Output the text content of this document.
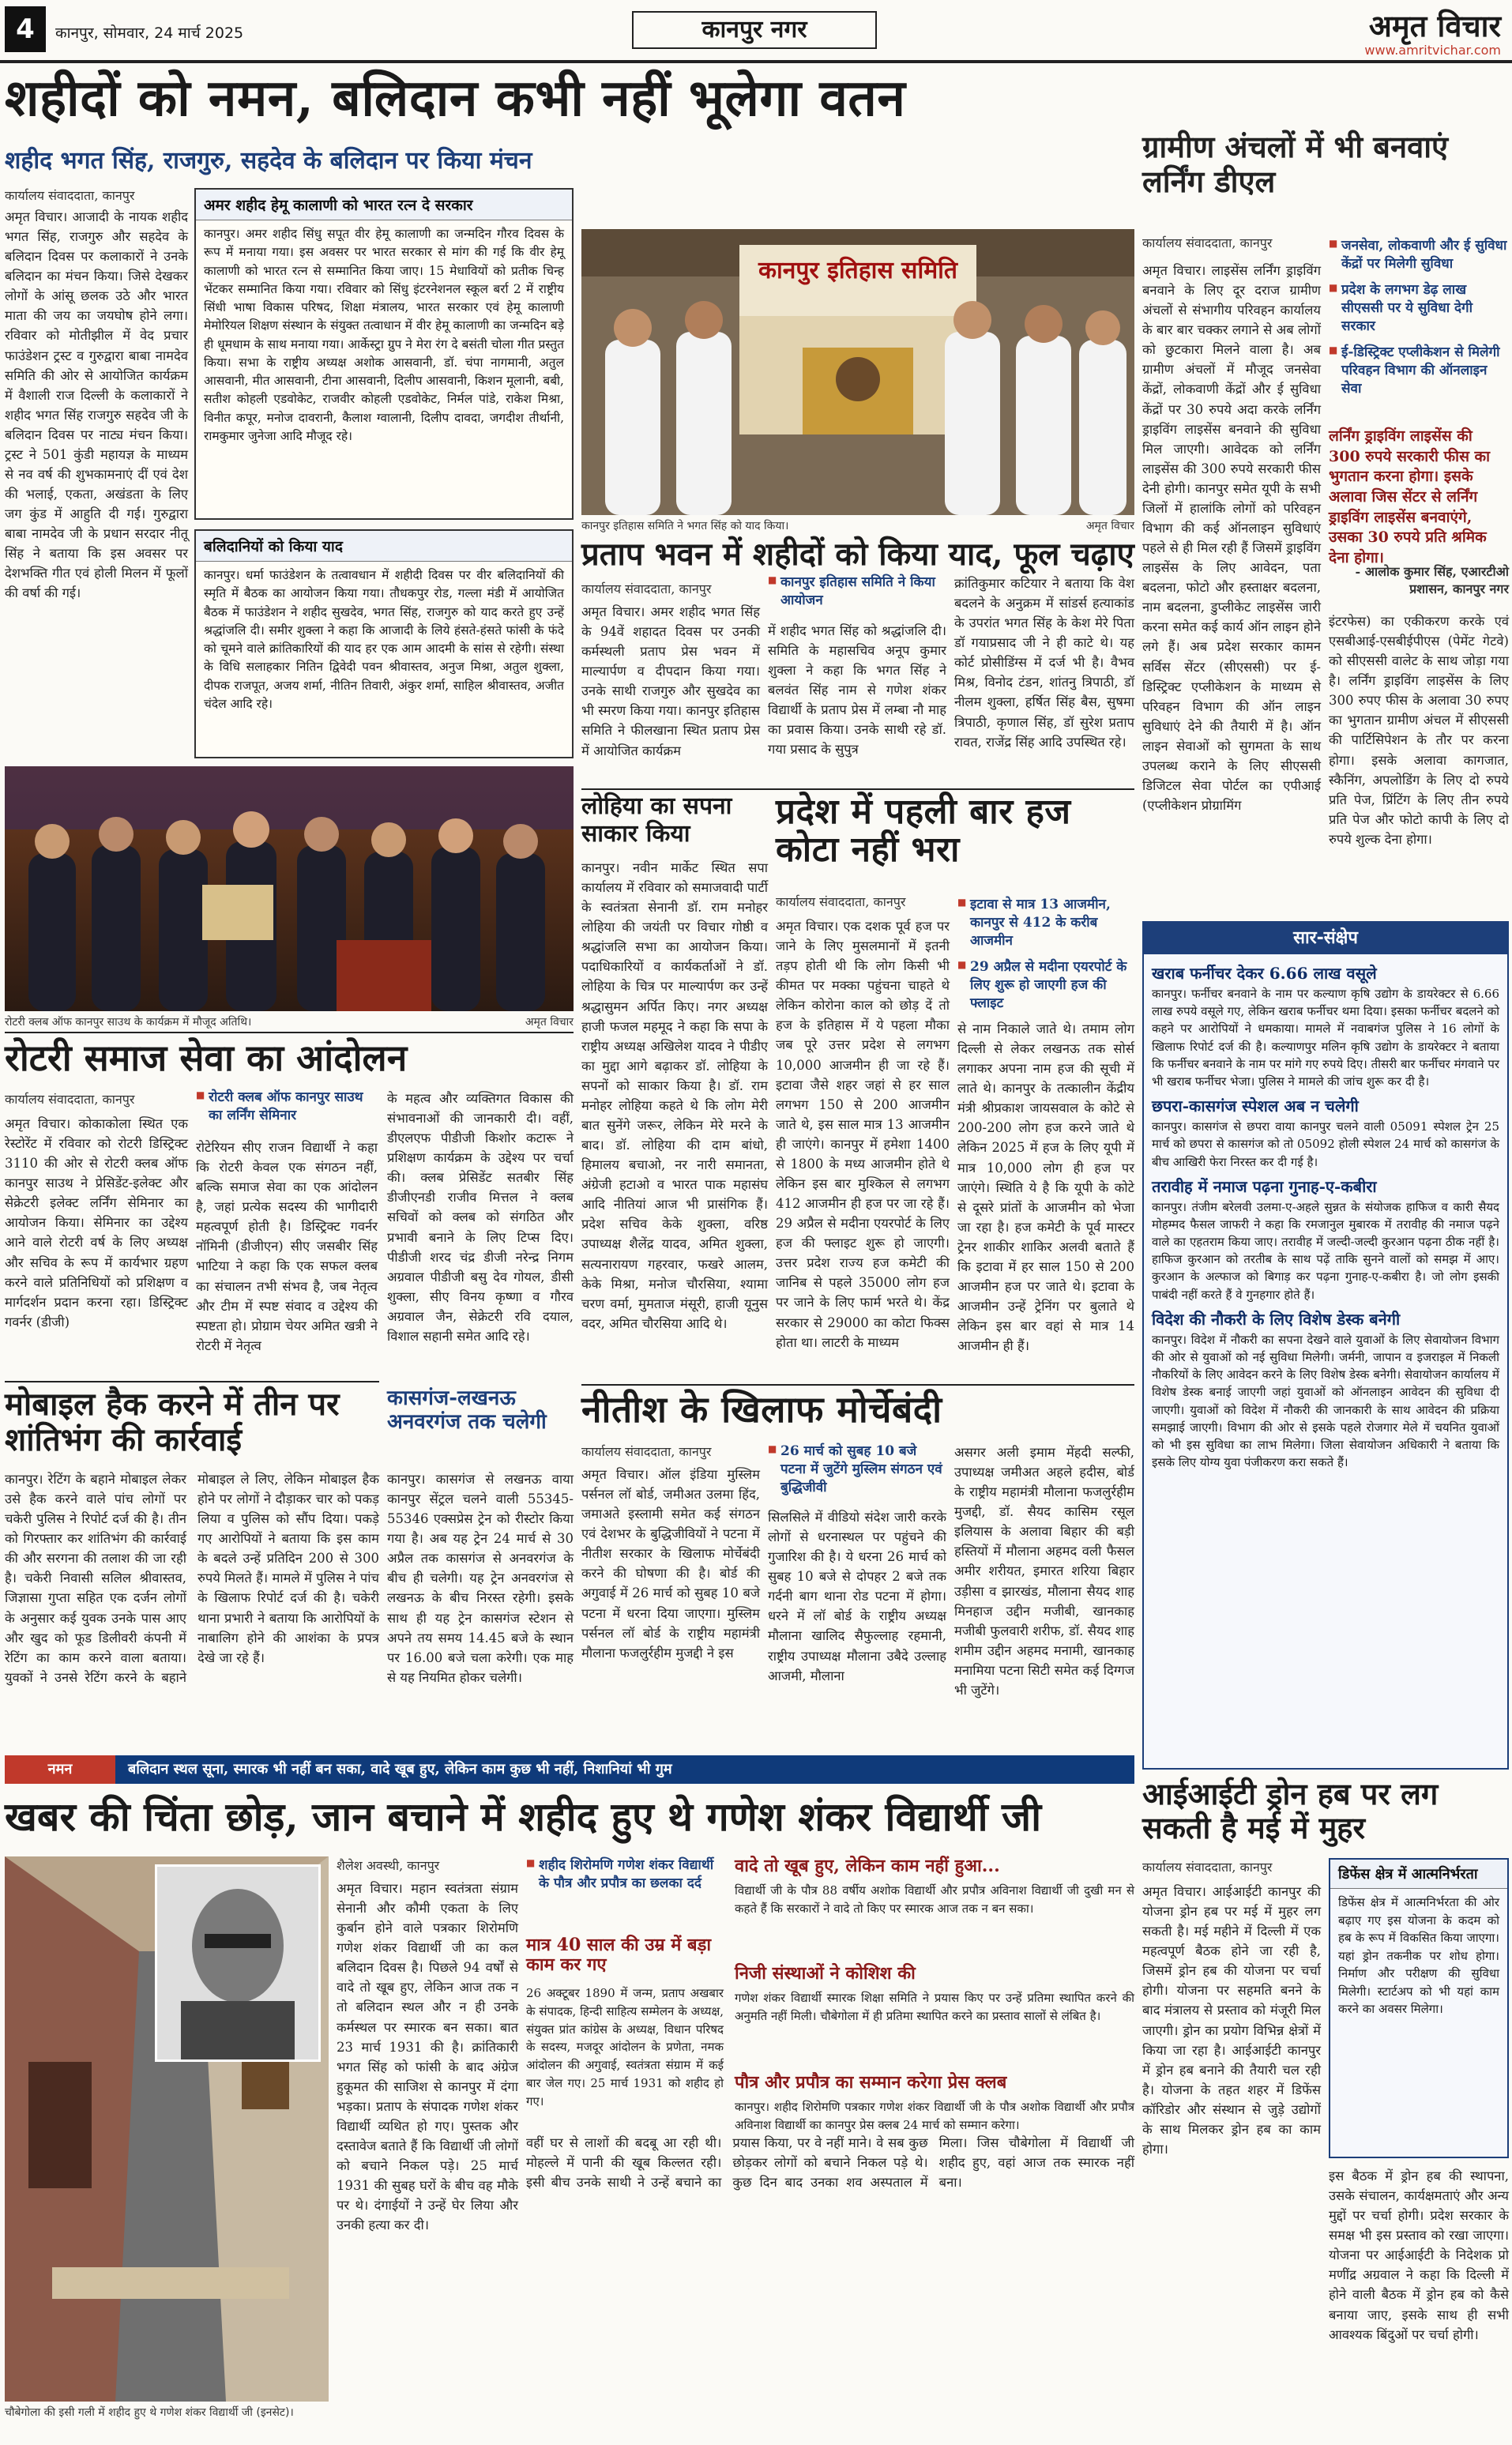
4	कानपुर, सोमवार, 24 मार्च 2025	कानपुर नगर	अमृत विचार
www.amritvichar.com
शहीदों को नमन, बलिदान कभी नहीं भूलेगा वतन
शहीद भगत सिंह, राजगुरु, सहदेव के बलिदान पर किया मंचन
कार्यालय संवाददाता, कानपुर
अमृत विचार। आजादी के नायक शहीद भगत सिंह, राजगुरु और सहदेव के बलिदान दिवस पर कलाकारों ने उनके बलिदान का मंचन किया। जिसे देखकर लोगों के आंसू छलक उठे और भारत माता की जय का जयघोष होने लगा। रविवार को मोतीझील में वेद प्रचार फाउंडेशन ट्रस्ट व गुरुद्वारा बाबा नामदेव समिति की ओर से आयोजित कार्यक्रम में वैशाली राज दिल्ली के कलाकारों ने शहीद भगत सिंह राजगुरु सहदेव जी के बलिदान दिवस पर नाट्य मंचन किया। ट्रस्ट ने 501 कुंडी महायज्ञ के माध्यम से नव वर्ष की शुभकामनाएं दीं एवं देश की भलाई, एकता, अखंडता के लिए जग कुंड में आहुति दी गई। गुरुद्वारा बाबा नामदेव जी के प्रधान सरदार नीतू सिंह ने बताया कि इस अवसर पर देशभक्ति गीत एवं होली मिलन में फूलों की वर्षा की गई।
अमर शहीद हेमू कालाणी को भारत रत्न दे सरकार
कानपुर। अमर शहीद सिंधु सपूत वीर हेमू कालाणी का जन्मदिन गौरव दिवस के रूप में मनाया गया। इस अवसर पर भारत सरकार से मांग की गई कि वीर हेमू कालाणी को भारत रत्न से सम्मानित किया जाए। 15 मेधावियों को प्रतीक चिन्ह भेंटकर सम्मानित किया गया। रविवार को सिंधु इंटरनेशनल स्कूल बर्रा 2 में राष्ट्रीय सिंधी भाषा विकास परिषद, शिक्षा मंत्रालय, भारत सरकार एवं हेमू कालाणी मेमोरियल शिक्षण संस्थान के संयुक्त तत्वाधान में वीर हेमू कालाणी का जन्मदिन बड़े ही धूमधाम के साथ मनाया गया। आर्केस्ट्रा ग्रुप ने मेरा रंग दे बसंती चोला गीत प्रस्तुत किया। सभा के राष्ट्रीय अध्यक्ष अशोक आसवानी, डॉ. चंपा नागमानी, अतुल आसवानी, मीत आसवानी, टीना आसवानी, दिलीप आसवानी, किशन मूलानी, बबी, सतीश कोहली एडवोकेट, राजवीर कोहली एडवोकेट, निर्मल पांडे, राकेश मिश्रा, विनीत कपूर, मनोज दावरानी, कैलाश ग्वालानी, दिलीप दावदा, जगदीश तीर्थानी, रामकुमार जुनेजा आदि मौजूद रहे।
बलिदानियों को किया याद
कानपुर। धर्मा फाउंडेशन के तत्वावधान में शहीदी दिवस पर वीर बलिदानियों की स्मृति में बैठक का आयोजन किया गया। तौधकपुर रोड, गल्ला मंडी में आयोजित बैठक में फाउंडेशन ने शहीद सुखदेव, भगत सिंह, राजगुरु को याद करते हुए उन्हें श्रद्धांजलि दी। समीर शुक्ला ने कहा कि आजादी के लिये हंसते-हंसते फांसी के फंदे को चूमने वाले क्रांतिकारियों की याद हर एक आम आदमी के सांस से रहेगी। संस्था के विधि सलाहकार नितिन द्विवेदी पवन श्रीवास्तव, अनुज मिश्रा, अतुल शुक्ला, दीपक राजपूत, अजय शर्मा, नीतिन तिवारी, अंकुर शर्मा, साहिल श्रीवास्तव, अजीत चंदेल आदि रहे।
रोटरी क्लब ऑफ कानपुर साउथ के कार्यक्रम में मौजूद अतिथि।	अमृत विचार
रोटरी समाज सेवा का आंदोलन
कार्यालय संवाददाता, कानपुर
अमृत विचार। कोकाकोला स्थित एक रेस्टोरेंट में रविवार को रोटरी डिस्ट्रिक्ट 3110 की ओर से रोटरी क्लब ऑफ कानपुर साउथ ने प्रेसिडेंट-इलेक्ट और सेक्रेटरी इलेक्ट लर्निंग सेमिनार का आयोजन किया। सेमिनार का उद्देश्य आने वाले रोटरी वर्ष के लिए अध्यक्ष और सचिव के रूप में कार्यभार ग्रहण करने वाले प्रतिनिधियों को प्रशिक्षण व मार्गदर्शन प्रदान करना रहा। डिस्ट्रिक्ट गवर्नर (डीजी)
■ रोटरी क्लब ऑफ कानपुर साउथ का लर्निंग सेमिनार
रोटेरियन सीए राजन विद्यार्थी ने कहा कि रोटरी केवल एक संगठन नहीं, बल्कि समाज सेवा का एक आंदोलन है, जहां प्रत्येक सदस्य की भागीदारी महत्वपूर्ण होती है। डिस्ट्रिक्ट गवर्नर नॉमिनी (डीजीएन) सीए जसबीर सिंह भाटिया ने कहा कि एक सफल क्लब का संचालन तभी संभव है, जब नेतृत्व और टीम में स्पष्ट संवाद व उद्देश्य की स्पष्टता हो। प्रोग्राम चेयर अमित खत्री ने रोटरी में नेतृत्व
के महत्व और व्यक्तिगत विकास की संभावनाओं की जानकारी दी। वहीं, डीएलएफ पीडीजी किशोर कटारू ने प्रशिक्षण कार्यक्रम के उद्देश्य पर चर्चा की। क्लब प्रेसिडेंट सतबीर सिंह डीजीएनडी राजीव मित्तल ने क्लब सचिवों को क्लब को संगठित और प्रभावी बनाने के लिए टिप्स दिए। पीडीजी शरद चंद्र डीजी नरेन्द्र निगम अग्रवाल पीडीजी बसु देव गोयल, डीसी शुक्ला, सीए विनय कृष्णा व गौरव अग्रवाल जैन, सेक्रेटरी रवि दयाल, विशाल सहानी समेत आदि रहे।
मोबाइल हैक करने में तीन पर शांतिभंग की कार्रवाई
कानपुर। रेटिंग के बहाने मोबाइल लेकर उसे हैक करने वाले पांच लोगों पर चकेरी पुलिस ने रिपोर्ट दर्ज की है। तीन को गिरफ्तार कर शांतिभंग की कार्रवाई की और सरगना की तलाश की जा रही है। चकेरी निवासी सलिल श्रीवास्तव, जिज्ञासा गुप्ता सहित एक दर्जन लोगों के अनुसार कई युवक उनके पास आए और खुद को फूड डिलीवरी कंपनी में रेटिंग का काम करने वाला बताया। युवकों ने उनसे रेटिंग करने के बहाने मोबाइल ले लिए, लेकिन मोबाइल हैक होने पर लोगों ने दौड़ाकर चार को पकड़ लिया व पुलिस को सौंप दिया। पकड़े गए आरोपियों ने बताया कि इस काम के बदले उन्हें प्रतिदिन 200 से 300 रुपये मिलते हैं। मामले में पुलिस ने पांच के खिलाफ रिपोर्ट दर्ज की है। चकेरी थाना प्रभारी ने बताया कि आरोपियों के नाबालिग होने की आशंका के प्रपत्र देखे जा रहे हैं।
कासगंज-लखनऊ अनवरगंज तक चलेगी
कानपुर। कासगंज से लखनऊ वाया कानपुर सेंट्रल चलने वाली 55345-55346 एक्सप्रेस ट्रेन को रीस्टोर किया गया है। अब यह ट्रेन 24 मार्च से 30 अप्रैल तक कासगंज से अनवरगंज के बीच ही चलेगी। यह ट्रेन अनवरगंज से लखनऊ के बीच निरस्त रहेगी। इसके साथ ही यह ट्रेन कासगंज स्टेशन से अपने तय समय 14.45 बजे के स्थान पर 16.00 बजे चला करेगी। एक माह से यह नियमित होकर चलेगी।
कानपुर इतिहास समिति
कानपुर इतिहास समिति ने भगत सिंह को याद किया।	अमृत विचार
प्रताप भवन में शहीदों को किया याद, फूल चढ़ाए
कार्यालय संवाददाता, कानपुर
अमृत विचार। अमर शहीद भगत सिंह के 94वें शहादत दिवस पर उनकी कर्मस्थली प्रताप प्रेस भवन में माल्यार्पण व दीपदान किया गया। उनके साथी राजगुरु और सुखदेव का भी स्मरण किया गया। कानपुर इतिहास समिति ने फीलखाना स्थित प्रताप प्रेस में आयोजित कार्यक्रम
■ कानपुर इतिहास समिति ने किया आयोजन
में शहीद भगत सिंह को श्रद्धांजलि दी। समिति के महासचिव अनूप कुमार शुक्ला ने कहा कि भगत सिंह ने बलवंत सिंह नाम से गणेश शंकर विद्यार्थी के प्रताप प्रेस में लम्बा नौ माह का प्रवास किया। उनके साथी रहे डॉ. गया प्रसाद के सुपुत्र
क्रांतिकुमार कटियार ने बताया कि वेश बदलने के अनुक्रम में सांडर्स हत्याकांड के उपरांत भगत सिंह के केश मेरे पिता डॉ गयाप्रसाद जी ने ही काटे थे। यह कोर्ट प्रोसीडिंग्स में दर्ज भी है। वैभव मिश्र, विनोद टंडन, शांतनु त्रिपाठी, डॉ नीलम शुक्ला, हर्षित सिंह बैस, सुषमा त्रिपाठी, कृणाल सिंह, डॉ सुरेश प्रताप रावत, राजेंद्र सिंह आदि उपस्थित रहे।
लोहिया का सपना साकार किया
कानपुर। नवीन मार्केट स्थित सपा कार्यालय में रविवार को समाजवादी पार्टी के स्वतंत्रता सेनानी डॉ. राम मनोहर लोहिया की जयंती पर विचार गोष्ठी व श्रद्धांजलि सभा का आयोजन किया। पदाधिकारियों व कार्यकर्ताओं ने डॉ. लोहिया के चित्र पर माल्यार्पण कर उन्हें श्रद्धासुमन अर्पित किए। नगर अध्यक्ष हाजी फजल महमूद ने कहा कि सपा के राष्ट्रीय अध्यक्ष अखिलेश यादव ने पीडीए का मुद्दा आगे बढ़ाकर डॉ. लोहिया के सपनों को साकार किया है। डॉ. राम मनोहर लोहिया कहते थे कि लोग मेरी बात सुनेंगे जरूर, लेकिन मेरे मरने के बाद। डॉ. लोहिया की दाम बांधो, हिमालय बचाओ, नर नारी समानता, अंग्रेजी हटाओ व भारत पाक महासंघ आदि नीतियां आज भी प्रासंगिक हैं। प्रदेश सचिव केके शुक्ला, वरिष्ठ उपाध्यक्ष शैलेंद्र यादव, अमित शुक्ला, सत्यनारायण गहरवार, फखरे आलम, केके मिश्रा, मनोज चौरसिया, श्यामा चरण वर्मा, मुमताज मंसूरी, हाजी यूनुस वदर, अमित चौरसिया आदि थे।
प्रदेश में पहली बार हज कोटा नहीं भरा
कार्यालय संवाददाता, कानपुर
अमृत विचार। एक दशक पूर्व हज पर जाने के लिए मुसलमानों में इतनी तड़प होती थी कि लोग किसी भी कीमत पर मक्का पहुंचना चाहते थे लेकिन कोरोना काल को छोड़ दें तो हज के इतिहास में ये पहला मौका जब पूरे उत्तर प्रदेश से लगभग 10,000 आजमीन ही जा रहे हैं। इटावा जैसे शहर जहां से हर साल लगभग 150 से 200 आजमीन जाते थे, इस साल मात्र 13 आजमीन ही जाएंगे। कानपुर में हमेशा 1400 से 1800 के मध्य आजमीन होते थे लेकिन इस बार मुश्किल से लगभग 412 आजमीन ही हज पर जा रहे हैं। 29 अप्रैल से मदीना एयरपोर्ट के लिए हज की फ्लाइट शुरू हो जाएगी। उत्तर प्रदेश राज्य हज कमेटी की जानिब से पहले 35000 लोग हज पर जाने के लिए फार्म भरते थे। केंद्र सरकार से 29000 का कोटा फिक्स होता था। लाटरी के माध्यम
■ इटावा से मात्र 13 आजमीन, कानपुर से 412 के करीब आजमीन
■ 29 अप्रैल से मदीना एयरपोर्ट के लिए शुरू हो जाएगी हज की फ्लाइट
से नाम निकाले जाते थे। तमाम लोग दिल्ली से लेकर लखनऊ तक सोर्स लगाकर अपना नाम हज की सूची में लाते थे। कानपुर के तत्कालीन केंद्रीय मंत्री श्रीप्रकाश जायसवाल के कोटे से 200-200 लोग हज करने जाते थे लेकिन 2025 में हज के लिए यूपी में मात्र 10,000 लोग ही हज पर जाएंगे। स्थिति ये है कि यूपी के कोटे से दूसरे प्रांतों के आजमीन को भेजा जा रहा है। हज कमेटी के पूर्व मास्टर ट्रेनर शाकीर शाकिर अलवी बताते हैं कि इटावा में हर साल 150 से 200 आजमीन हज पर जाते थे। इटावा के आजमीन उन्हें ट्रेनिंग पर बुलाते थे लेकिन इस बार वहां से मात्र 14 आजमीन ही हैं।
नीतीश के खिलाफ मोर्चेबंदी
कार्यालय संवाददाता, कानपुर
अमृत विचार। ऑल इंडिया मुस्लिम पर्सनल लॉ बोर्ड, जमीअत उलमा हिंद, जमाअते इस्लामी समेत कई संगठन एवं देशभर के बुद्धिजीवियों ने पटना में नीतीश सरकार के खिलाफ मोर्चेबंदी करने की घोषणा की है। बोर्ड की अगुवाई में 26 मार्च को सुबह 10 बजे पटना में धरना दिया जाएगा। मुस्लिम पर्सनल लॉ बोर्ड के राष्ट्रीय महामंत्री मौलाना फजलुर्रहीम मुजद्दी ने इस
■ 26 मार्च को सुबह 10 बजे पटना में जुटेंगे मुस्लिम संगठन एवं बुद्धिजीवी
सिलसिले में वीडियो संदेश जारी करके लोगों से धरनास्थल पर पहुंचने की गुजारिश की है। ये धरना 26 मार्च को सुबह 10 बजे से दोपहर 2 बजे तक गर्दनी बाग थाना रोड पटना में होगा। धरने में लॉ बोर्ड के राष्ट्रीय अध्यक्ष मौलाना खालिद सैफुल्लाह रहमानी, राष्ट्रीय उपाध्यक्ष मौलाना उबैदे उल्लाह आजमी, मौलाना
असगर अली इमाम मेंहदी सल्फी, उपाध्यक्ष जमीअत अहले हदीस, बोर्ड के राष्ट्रीय महामंत्री मौलाना फजलुर्रहीम मुजद्दी, डॉ. सैयद कासिम रसूल इलियास के अलावा बिहार की बड़ी हस्तियों में मौलाना अहमद वली फैसल अमीर शरीयत, इमारत शरिया बिहार उड़ीसा व झारखंड, मौलाना सैयद शाह मिनहाज उद्दीन मजीबी, खानकाह मजीबी फुलवारी शरीफ, डॉ. सैयद शाह शमीम उद्दीन अहमद मनामी, खानकाह मनामिया पटना सिटी समेत कई दिग्गज भी जुटेंगे।
ग्रामीण अंचलों में भी बनवाएं लर्निंग डीएल
कार्यालय संवाददाता, कानपुर
अमृत विचार। लाइसेंस लर्निंग ड्राइविंग बनवाने के लिए दूर दराज ग्रामीण अंचलों से संभागीय परिवहन कार्यालय के बार बार चक्कर लगाने से अब लोगों को छुटकारा मिलने वाला है। अब ग्रामीण अंचलों में मौजूद जनसेवा केंद्रों, लोकवाणी केंद्रों और ई सुविधा केंद्रों पर 30 रुपये अदा करके लर्निंग ड्राइविंग लाइसेंस बनवाने की सुविधा मिल जाएगी। आवेदक को लर्निंग लाइसेंस की 300 रुपये सरकारी फीस देनी होगी। कानपुर समेत यूपी के सभी जिलों में हालांकि लोगों को परिवहन विभाग की कई ऑनलाइन सुविधाएं पहले से ही मिल रही हैं जिसमें ड्राइविंग लाइसेंस के लिए आवेदन, पता बदलना, फोटो और हस्ताक्षर बदलना, नाम बदलना, डुप्लीकेट लाइसेंस जारी करना समेत कई कार्य ऑन लाइन होने लगे हैं। अब प्रदेश सरकार कामन सर्विस सेंटर (सीएससी) पर ई-डिस्ट्रिक्ट एप्लीकेशन के माध्यम से परिवहन विभाग की ऑन लाइन सुविधाएं देने की तैयारी में है। ऑन लाइन सेवाओं को सुगमता के साथ उपलब्ध कराने के लिए सीएससी डिजिटल सेवा पोर्टल का एपीआई (एप्लीकेशन प्रोग्रामिंग
■ जनसेवा, लोकवाणी और ई सुविधा केंद्रों पर मिलेगी सुविधा
■ प्रदेश के लगभग डेढ़ लाख सीएससी पर ये सुविधा देगी सरकार
■ ई-डिस्ट्रिक्ट एप्लीकेशन से मिलेगी परिवहन विभाग की ऑनलाइन सेवा
लर्निंग ड्राइविंग लाइसेंस की 300 रुपये सरकारी फीस का भुगतान करना होगा। इसके अलावा जिस सेंटर से लर्निंग ड्राइविंग लाइसेंस बनवाएंगे, उसका 30 रुपये प्रति श्रमिक देना होगा।
- आलोक कुमार सिंह, एआरटीओ प्रशासन, कानपुर नगर
इंटरफेस) का एकीकरण करके एवं एसबीआई-एसबीईपीएस (पेमेंट गेटवे) को सीएससी वालेट के साथ जोड़ा गया है। लर्निंग ड्राइविंग लाइसेंस के लिए 300 रुपए फीस के अलावा 30 रुपए का भुगतान ग्रामीण अंचल में सीएससी की पार्टिसिपेशन के तौर पर करना होगा। इसके अलावा कागजात, स्कैनिंग, अपलोडिंग के लिए दो रुपये प्रति पेज, प्रिंटिंग के लिए तीन रुपये प्रति पेज और फोटो कापी के लिए दो रुपये शुल्क देना होगा।
सार-संक्षेप
खराब फर्नीचर देकर 6.66 लाख वसूले
कानपुर। फर्नीचर बनवाने के नाम पर कल्याण कृषि उद्योग के डायरेक्टर से 6.66 लाख रुपये वसूले गए, लेकिन खराब फर्नीचर थमा दिया। इसका फर्नीचर बदलने को कहने पर आरोपियों ने धमकाया। मामले में नवाबगंज पुलिस ने 16 लोगों के खिलाफ रिपोर्ट दर्ज की है। कल्याणपुर मलिन कृषि उद्योग के डायरेक्टर ने बताया कि फर्नीचर बनवाने के नाम पर मांगे गए रुपये दिए। तीसरी बार फर्नीचर मंगवाने पर भी खराब फर्नीचर भेजा। पुलिस ने मामले की जांच शुरू कर दी है।
छपरा-कासगंज स्पेशल अब न चलेगी
कानपुर। कासगंज से छपरा वाया कानपुर चलने वाली 05091 स्पेशल ट्रेन 25 मार्च को छपरा से कासगंज को तो 05092 होली स्पेशल 24 मार्च को कासगंज के बीच आखिरी फेरा निरस्त कर दी गई है।
तरावीह में नमाज पढ़ना गुनाह-ए-कबीरा
कानपुर। तंजीम बरेलवी उलमा-ए-अहले सुन्नत के संयोजक हाफिज व कारी सैयद मोहम्मद फैसल जाफरी ने कहा कि रमजानुल मुबारक में तरावीह की नमाज पढ़ने वाले का एहतराम किया जाए। तरावीह में जल्दी-जल्दी कुरआन पढ़ना ठीक नहीं है। हाफिज कुरआन को तरतीब के साथ पढ़ें ताकि सुनने वालों को समझ में आए। कुरआन के अल्फाज को बिगाड़ कर पढ़ना गुनाह-ए-कबीरा है। जो लोग इसकी पाबंदी नहीं करते हैं वे गुनहगार होते हैं।
विदेश की नौकरी के लिए विशेष डेस्क बनेगी
कानपुर। विदेश में नौकरी का सपना देखने वाले युवाओं के लिए सेवायोजन विभाग की ओर से युवाओं को नई सुविधा मिलेगी। जर्मनी, जापान व इजराइल में निकली नौकरियों के लिए आवेदन करने के लिए विशेष डेस्क बनेगी। सेवायोजन कार्यालय में विशेष डेस्क बनाई जाएगी जहां युवाओं को ऑनलाइन आवेदन की सुविधा दी जाएगी। युवाओं को विदेश में नौकरी की जानकारी के साथ आवेदन की प्रक्रिया समझाई जाएगी। विभाग की ओर से इसके पहले रोजगार मेले में चयनित युवाओं को भी इस सुविधा का लाभ मिलेगा। जिला सेवायोजन अधिकारी ने बताया कि इसके लिए योग्य युवा पंजीकरण करा सकते हैं।
नमन	बलिदान स्थल सूना, स्मारक भी नहीं बन सका, वादे खूब हुए, लेकिन काम कुछ भी नहीं, निशानियां भी गुम
खबर की चिंता छोड़, जान बचाने में शहीद हुए थे गणेश शंकर विद्यार्थी जी
चौबेगोला की इसी गली में शहीद हुए थे गणेश शंकर विद्यार्थी जी (इनसेट)।
शैलेश अवस्थी, कानपुर
अमृत विचार। महान स्वतंत्रता संग्राम सेनानी और कौमी एकता के लिए कुर्बान होने वाले पत्रकार शिरोमणि गणेश शंकर विद्यार्थी जी का कल बलिदान दिवस है। पिछले 94 वर्षों से वादे तो खूब हुए, लेकिन आज तक न तो बलिदान स्थल और न ही उनके कर्मस्थल पर स्मारक बन सका। बात 23 मार्च 1931 की है। क्रांतिकारी भगत सिंह को फांसी के बाद अंग्रेज हुकूमत की साजिश से कानपुर में दंगा भड़का। प्रताप के संपादक गणेश शंकर विद्यार्थी व्यथित हो गए। पुस्तक और दस्तावेज बताते हैं कि विद्यार्थी जी लोगों को बचाने निकल पड़े। 25 मार्च 1931 की सुबह घरों के बीच वह मौके पर थे। दंगाईयों ने उन्हें घेर लिया और उनकी हत्या कर दी।
■ शहीद शिरोमणि गणेश शंकर विद्यार्थी के पौत्र और प्रपौत्र का छलका दर्द
मात्र 40 साल की उम्र में बड़ा काम कर गए
26 अक्टूबर 1890 में जन्म, प्रताप अखबार के संपादक, हिन्दी साहित्य सम्मेलन के अध्यक्ष, संयुक्त प्रांत कांग्रेस के अध्यक्ष, विधान परिषद के सदस्य, मजदूर आंदोलन के प्रणेता, नमक आंदोलन की अगुवाई, स्वतंत्रता संग्राम में कई बार जेल गए। 25 मार्च 1931 को शहीद हो गए।
वादे तो खूब हुए, लेकिन काम नहीं हुआ...
विद्यार्थी जी के पौत्र 88 वर्षीय अशोक विद्यार्थी और प्रपौत्र अविनाश विद्यार्थी जी दुखी मन से कहते हैं कि सरकारों ने वादे तो किए पर स्मारक आज तक न बन सका।
निजी संस्थाओं ने कोशिश की
गणेश शंकर विद्यार्थी स्मारक शिक्षा समिति ने प्रयास किए पर उन्हें प्रतिमा स्थापित करने की अनुमति नहीं मिली। चौबेगोला में ही प्रतिमा स्थापित करने का प्रस्ताव सालों से लंबित है।
पौत्र और प्रपौत्र का सम्मान करेगा प्रेस क्लब
कानपुर। शहीद शिरोमणि पत्रकार गणेश शंकर विद्यार्थी जी के पौत्र अशोक विद्यार्थी और प्रपौत्र अविनाश विद्यार्थी का कानपुर प्रेस क्लब 24 मार्च को सम्मान करेगा।
वहीं घर से लाशों की बदबू आ रही थी। मोहल्ले में पानी की खूब किल्लत रही। इसी बीच उनके साथी ने उन्हें बचाने का प्रयास किया, पर वे नहीं माने। वे सब कुछ छोड़कर लोगों को बचाने निकल पड़े थे। कुछ दिन बाद उनका शव अस्पताल में मिला। जिस चौबेगोला में विद्यार्थी जी शहीद हुए, वहां आज तक स्मारक नहीं बना।
आईआईटी ड्रोन हब पर लग सकती है मई में मुहर
कार्यालय संवाददाता, कानपुर
अमृत विचार। आईआईटी कानपुर की योजना ड्रोन हब पर मई में मुहर लग सकती है। मई महीने में दिल्ली में एक महत्वपूर्ण बैठक होने जा रही है, जिसमें ड्रोन हब की योजना पर चर्चा होगी। योजना पर सहमति बनने के बाद मंत्रालय से प्रस्ताव को मंजूरी मिल जाएगी। ड्रोन का प्रयोग विभिन्न क्षेत्रों में किया जा रहा है। आईआईटी कानपुर में ड्रोन हब बनाने की तैयारी चल रही है। योजना के तहत शहर में डिफेंस कॉरिडोर और संस्थान से जुड़े उद्योगों के साथ मिलकर ड्रोन हब का काम होगा।
डिफेंस क्षेत्र में आत्मनिर्भरता
डिफेंस क्षेत्र में आत्मनिर्भरता की ओर बढ़ाए गए इस योजना के कदम को हब के रूप में विकसित किया जाएगा। यहां ड्रोन तकनीक पर शोध होगा। निर्माण और परीक्षण की सुविधा मिलेगी। स्टार्टअप को भी यहां काम करने का अवसर मिलेगा।
इस बैठक में ड्रोन हब की स्थापना, उसके संचालन, कार्यक्षमताएं और अन्य मुद्दों पर चर्चा होगी। प्रदेश सरकार के समक्ष भी इस प्रस्ताव को रखा जाएगा। योजना पर आईआईटी के निदेशक प्रो मणींद्र अग्रवाल ने कहा कि दिल्ली में होने वाली बैठक में ड्रोन हब को कैसे बनाया जाए, इसके साथ ही सभी आवश्यक बिंदुओं पर चर्चा होगी।
